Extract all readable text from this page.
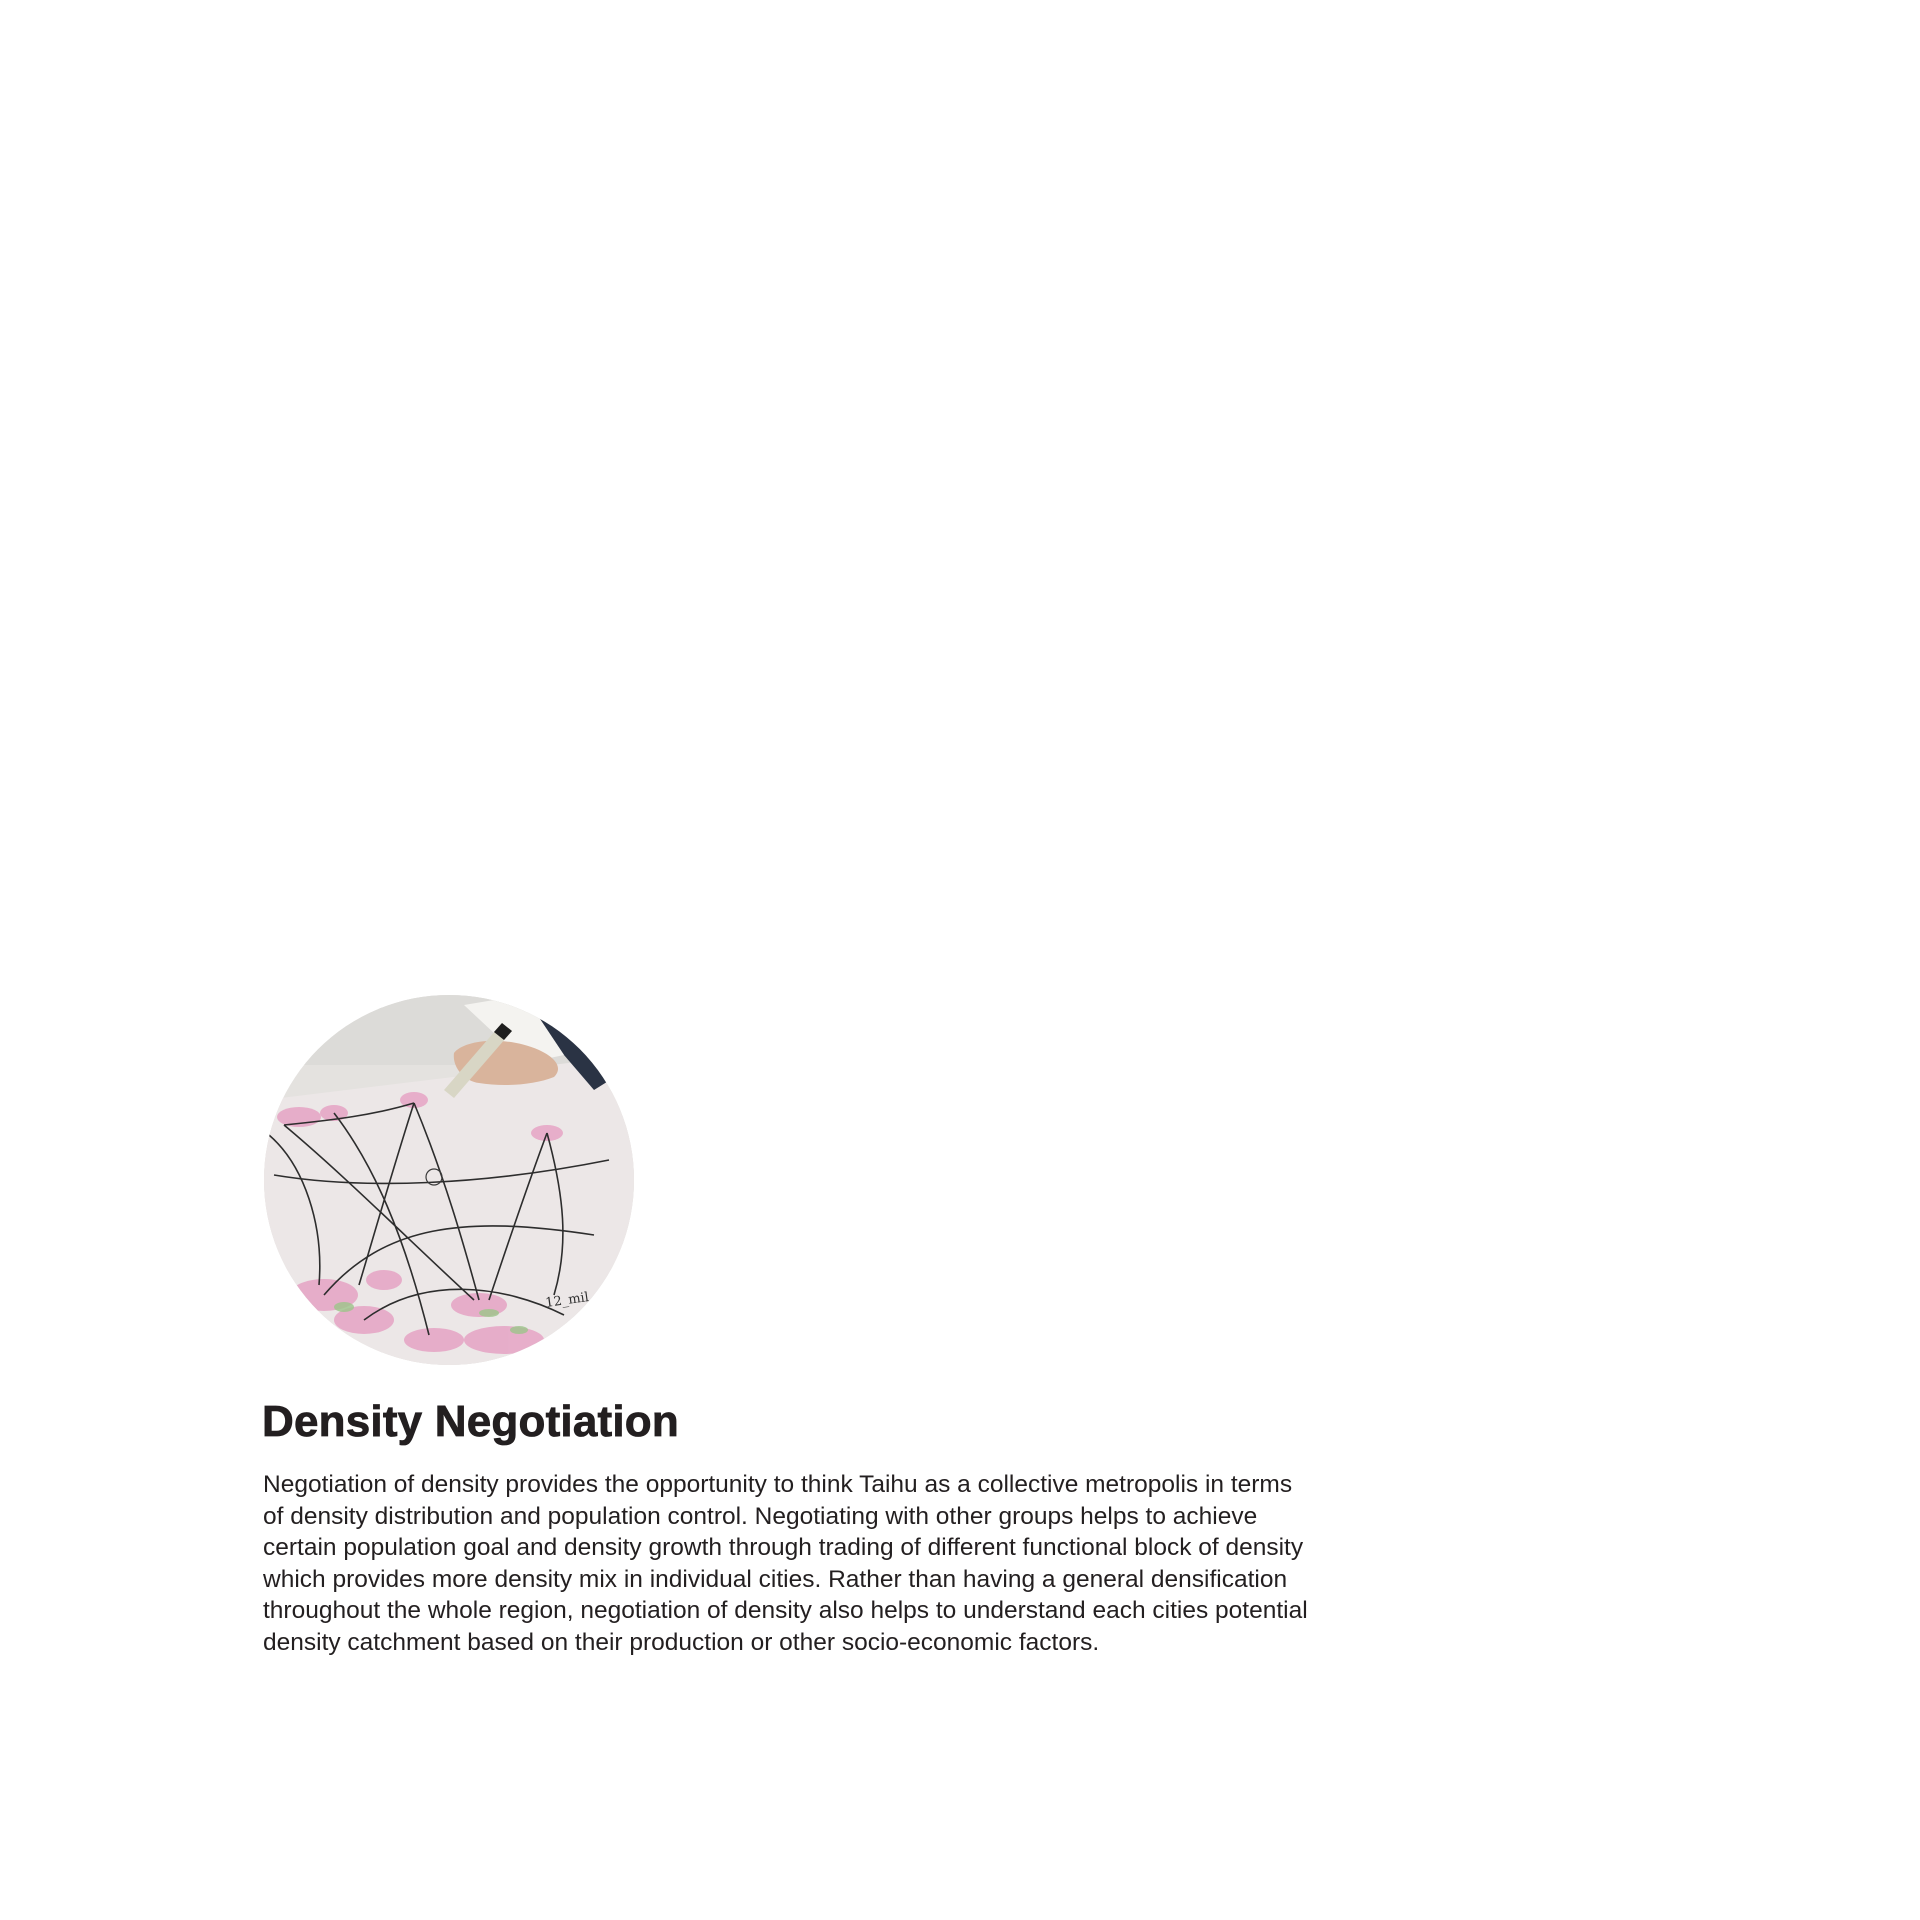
12_mil
Density Negotiation

Negotiation of density provides the opportunity to think Taihu as a collective metropolis in terms
of density distribution and population control. Negotiating with other groups helps to achieve
certain population goal and density growth through trading of different functional block of density
which provides more density mix in individual cities. Rather than having a general densification
throughout the whole region, negotiation of density also helps to understand each cities potential
density catchment based on their production or other socio-economic factors.
